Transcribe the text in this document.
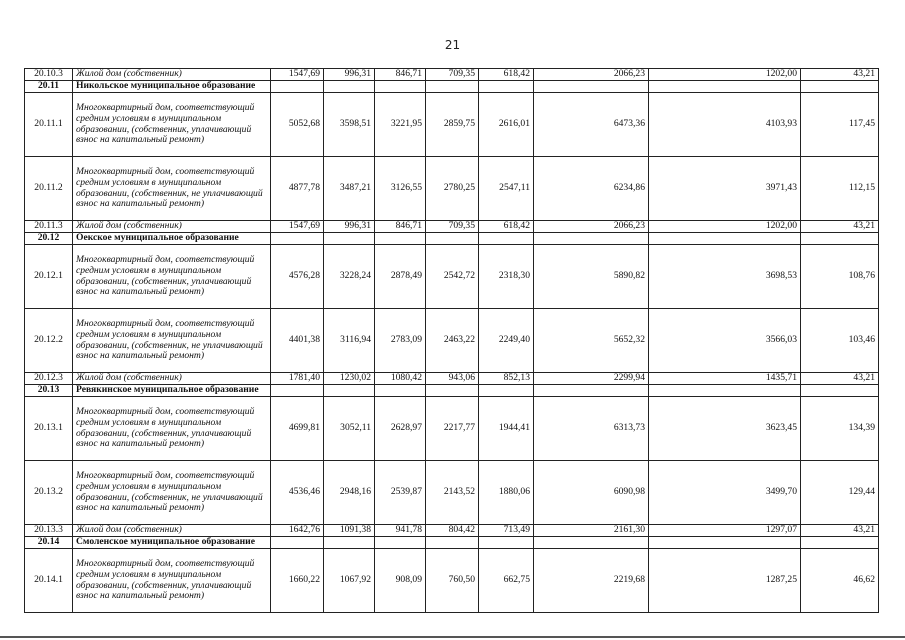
21
20.10.3	Жилой дом (собственник)	1547,69	996,31	846,71	709,35	618,42	2066,23	1202,00	43,21
20.11	Никольское муниципальное образование								
20.11.1	Многоквартирный дом, соответствующий средним условиям в муниципальном образовании, (собственник, уплачивающий взнос на капитальный ремонт)	5052,68	3598,51	3221,95	2859,75	2616,01	6473,36	4103,93	117,45
20.11.2	Многоквартирный дом, соответствующий средним условиям в муниципальном образовании, (собственник, не уплачивающий взнос на капитальный ремонт)	4877,78	3487,21	3126,55	2780,25	2547,11	6234,86	3971,43	112,15
20.11.3	Жилой дом (собственник)	1547,69	996,31	846,71	709,35	618,42	2066,23	1202,00	43,21
20.12	Оекское муниципальное образование								
20.12.1	Многоквартирный дом, соответствующий средним условиям в муниципальном образовании, (собственник, уплачивающий взнос на капитальный ремонт)	4576,28	3228,24	2878,49	2542,72	2318,30	5890,82	3698,53	108,76
20.12.2	Многоквартирный дом, соответствующий средним условиям в муниципальном образовании, (собственник, не уплачивающий взнос на капитальный ремонт)	4401,38	3116,94	2783,09	2463,22	2249,40	5652,32	3566,03	103,46
20.12.3	Жилой дом (собственник)	1781,40	1230,02	1080,42	943,06	852,13	2299,94	1435,71	43,21
20.13	Ревякинское муниципальное образование								
20.13.1	Многоквартирный дом, соответствующий средним условиям в муниципальном образовании, (собственник, уплачивающий взнос на капитальный ремонт)	4699,81	3052,11	2628,97	2217,77	1944,41	6313,73	3623,45	134,39
20.13.2	Многоквартирный дом, соответствующий средним условиям в муниципальном образовании, (собственник, не уплачивающий взнос на капитальный ремонт)	4536,46	2948,16	2539,87	2143,52	1880,06	6090,98	3499,70	129,44
20.13.3	Жилой дом (собственник)	1642,76	1091,38	941,78	804,42	713,49	2161,30	1297,07	43,21
20.14	Смоленское муниципальное образование								
20.14.1	Многоквартирный дом, соответствующий средним условиям в муниципальном образовании, (собственник, уплачивающий взнос на капитальный ремонт)	1660,22	1067,92	908,09	760,50	662,75	2219,68	1287,25	46,62
